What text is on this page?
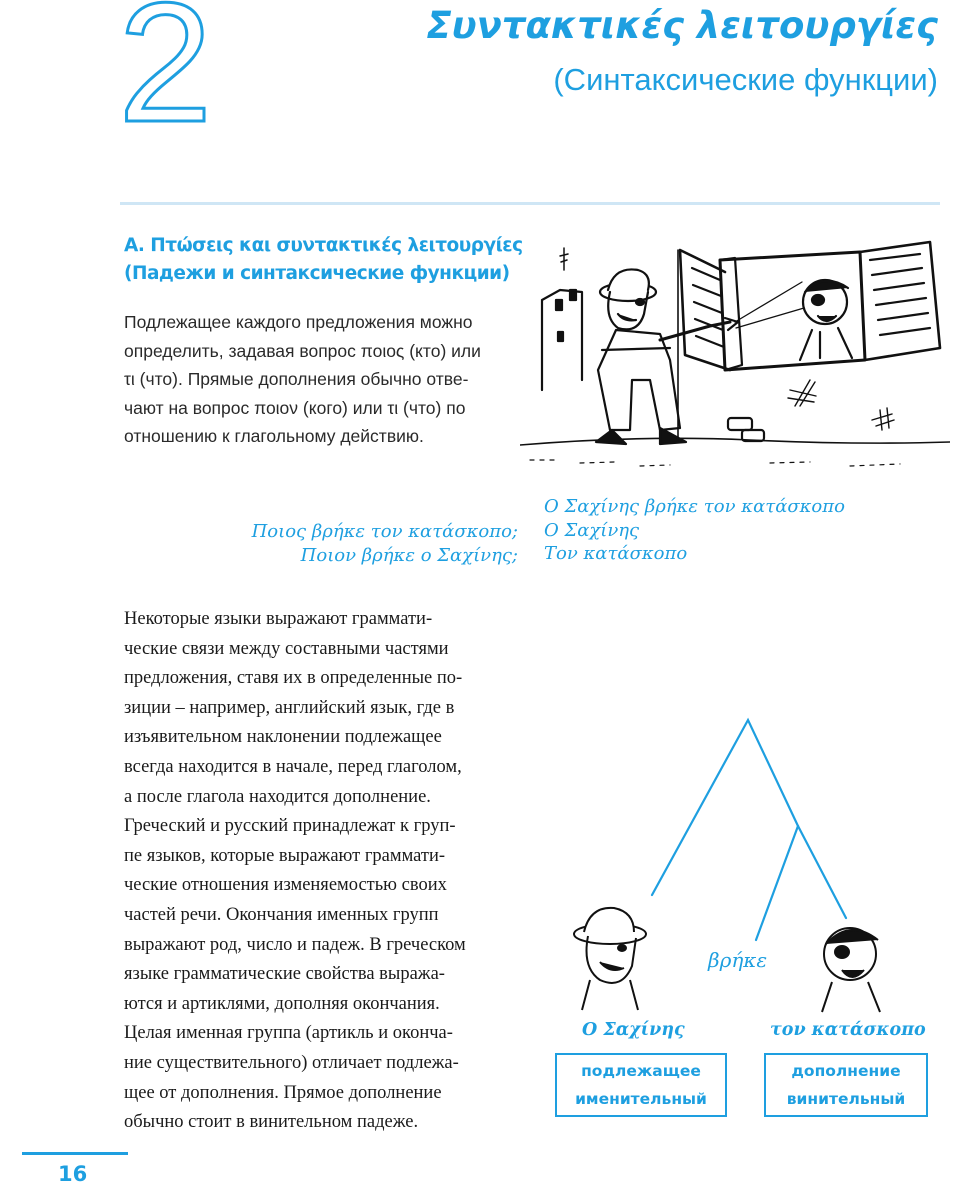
2	Συντακτικές λειτουργίες
(Синтаксические функции)
Α. Πτώσεις και συντακτικές λειτουργίες
(Падежи и синтаксические функции)
Подлежащее каждого предложения можно
определить, задавая вопрос ποιος (кто) или
τι (что). Прямые дополнения обычно отве-
чают на вопрос ποιον (кого) или τι (что) по
отношению к глагольному действию.
Ποιος βρήκε τον κατάσκοπο;
Ποιον βρήκε ο Σαχίνης;
Ο Σαχίνης βρήκε τον κατάσκοπο
Ο Σαχίνης
Τον κατάσκοπο
Некоторые языки выражают граммати-
ческие связи между составными частями
предложения, ставя их в определенные по-
зиции – например, английский язык, где в
изъявительном наклонении подлежащее
всегда находится в начале, перед глаголом,
а после глагола находится дополнение.
Греческий и русский принадлежат к груп-
пе языков, которые выражают граммати-
ческие отношения изменяемостью своих
частей речи. Окончания именных групп
выражают род, число и падеж. В греческом
языке грамматические свойства выража-
ются и артиклями, дополняя окончания.
Целая именная группа (артикль и оконча-
ние существительного) отличает подлежа-
щее от дополнения. Прямое дополнение
обычно стоит в винительном падеже.
βρήκε
Ο Σαχίνης	τον κατάσκοπο
подлежащее
именительный
дополнение
винительный
16
